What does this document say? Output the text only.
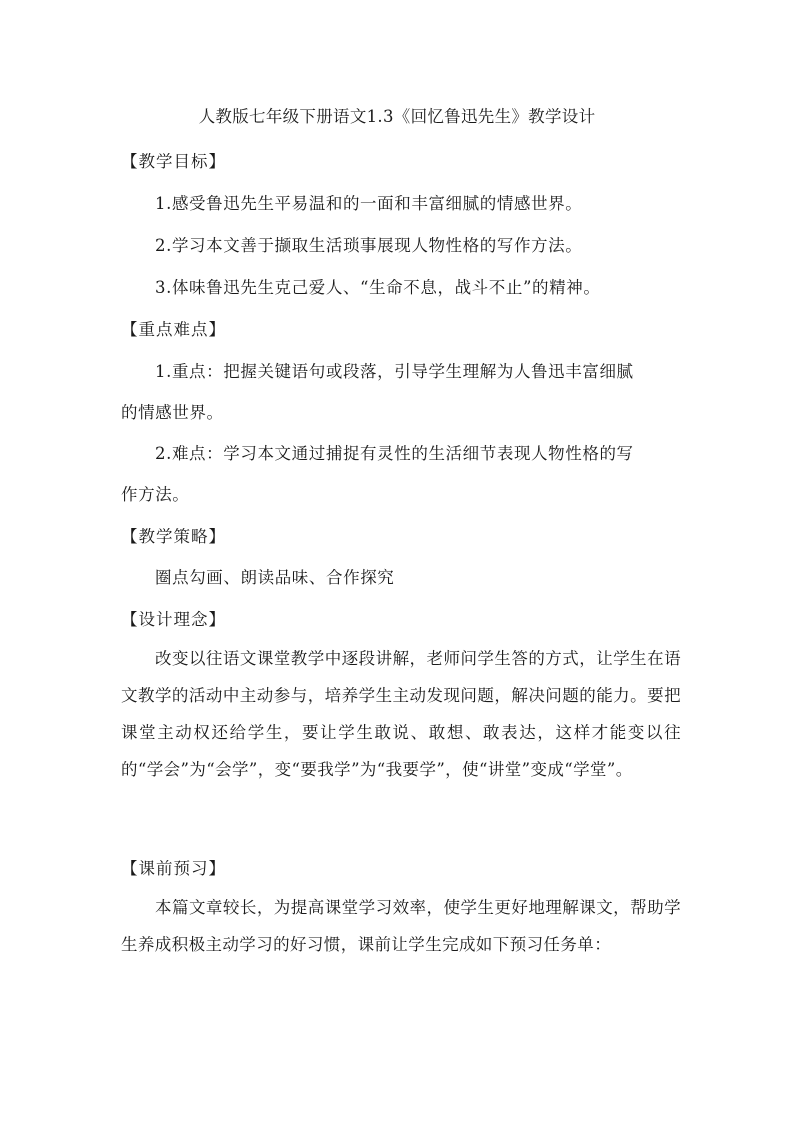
人教版七年级下册语文1.3《回忆鲁迅先生》教学设计
【教学目标】
1.感受鲁迅先生平易温和的一面和丰富细腻的情感世界。
2.学习本文善于撷取生活琐事展现人物性格的写作方法。
3.体味鲁迅先生克己爱人、“生命不息，战斗不止”的精神。
【重点难点】
1.重点：把握关键语句或段落，引导学生理解为人鲁迅丰富细腻
的情感世界。
2.难点：学习本文通过捕捉有灵性的生活细节表现人物性格的写
作方法。
【教学策略】
圈点勾画、朗读品味、合作探究
【设计理念】
改变以往语文课堂教学中逐段讲解，老师问学生答的方式，让学生在语文教学的活动中主动参与，培养学生主动发现问题，解决问题的能力。要把课堂主动权还给学生，要让学生敢说、敢想、敢表达，这样才能变以往的“学会”为“会学”，变“要我学”为“我要学”，使“讲堂”变成“学堂”。
【课前预习】
本篇文章较长，为提高课堂学习效率，使学生更好地理解课文，帮助学生养成积极主动学习的好习惯，课前让学生完成如下预习任务单：
